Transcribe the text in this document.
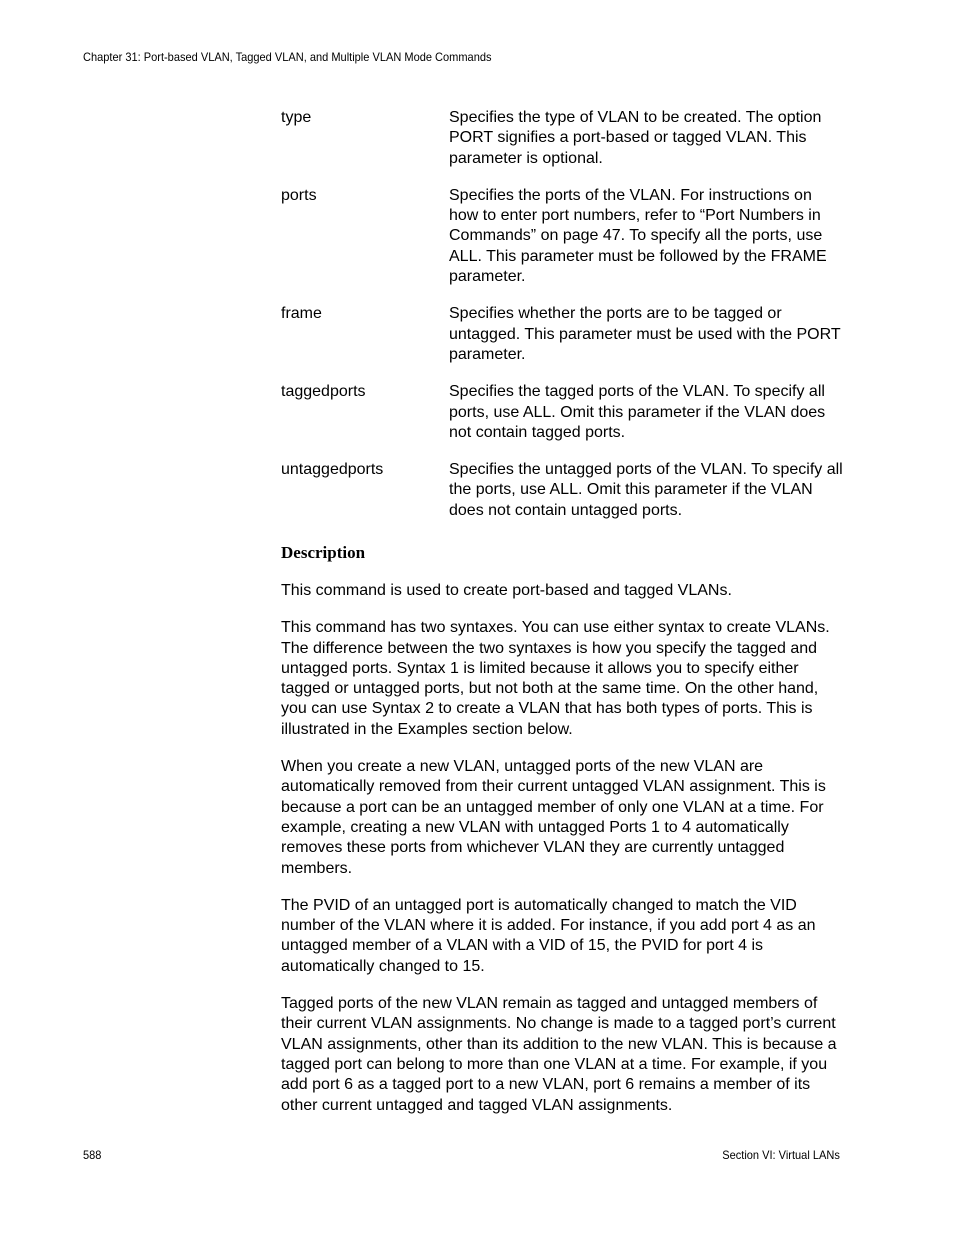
Chapter 31: Port-based VLAN, Tagged VLAN, and Multiple VLAN Mode Commands
type	Specifies the type of VLAN to be created. The option PORT signifies a port-based or tagged VLAN. This parameter is optional.
ports	Specifies the ports of the VLAN. For instructions on how to enter port numbers, refer to “Port Numbers in Commands” on page 47. To specify all the ports, use ALL. This parameter must be followed by the FRAME parameter.
frame	Specifies whether the ports are to be tagged or untagged. This parameter must be used with the PORT parameter.
taggedports	Specifies the tagged ports of the VLAN. To specify all ports, use ALL. Omit this parameter if the VLAN does not contain tagged ports.
untaggedports	Specifies the untagged ports of the VLAN. To specify all the ports, use ALL. Omit this parameter if the VLAN does not contain untagged ports.
Description

This command is used to create port-based and tagged VLANs.

This command has two syntaxes. You can use either syntax to create VLANs. The difference between the two syntaxes is how you specify the tagged and untagged ports. Syntax 1 is limited because it allows you to specify either tagged or untagged ports, but not both at the same time. On the other hand, you can use Syntax 2 to create a VLAN that has both types of ports. This is illustrated in the Examples section below.

When you create a new VLAN, untagged ports of the new VLAN are automatically removed from their current untagged VLAN assignment. This is because a port can be an untagged member of only one VLAN at a time. For example, creating a new VLAN with untagged Ports 1 to 4 automatically removes these ports from whichever VLAN they are currently untagged members.

The PVID of an untagged port is automatically changed to match the VID number of the VLAN where it is added. For instance, if you add port 4 as an untagged member of a VLAN with a VID of 15, the PVID for port 4 is automatically changed to 15.

Tagged ports of the new VLAN remain as tagged and untagged members of their current VLAN assignments. No change is made to a tagged port’s current VLAN assignments, other than its addition to the new VLAN. This is because a tagged port can belong to more than one VLAN at a time. For example, if you add port 6 as a tagged port to a new VLAN, port 6 remains a member of its other current untagged and tagged VLAN assignments.

588	Section VI: Virtual LANs
